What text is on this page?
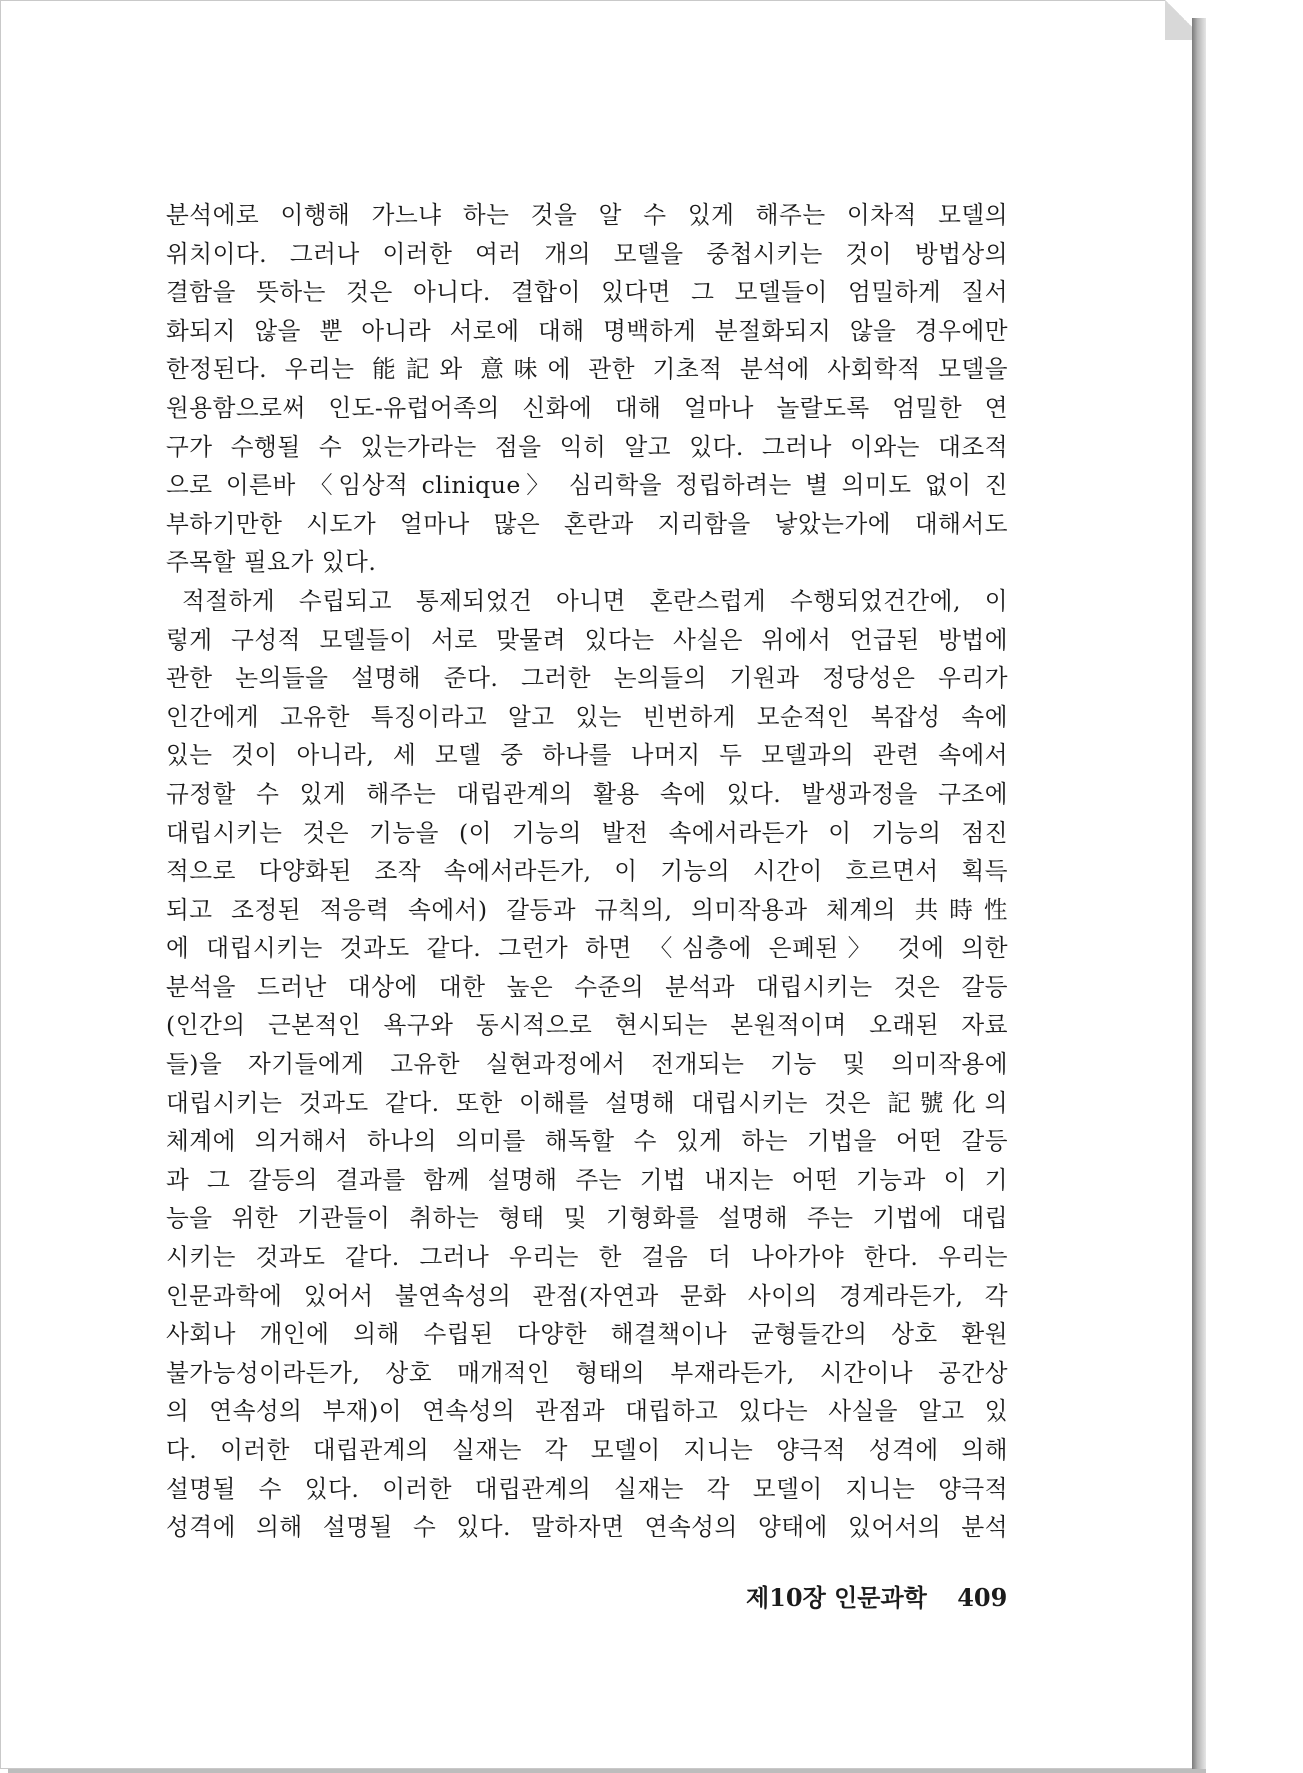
분석에로 이행해 가느냐 하는 것을 알 수 있게 해주는 이차적 모델의
위치이다. 그러나 이러한 여러 개의 모델을 중첩시키는 것이 방법상의
결함을 뜻하는 것은 아니다. 결합이 있다면 그 모델들이 엄밀하게 질서
화되지 않을 뿐 아니라 서로에 대해 명백하게 분절화되지 않을 경우에만
한정된다. 우리는 能記와 意味에 관한 기초적 분석에 사회학적 모델을
원용함으로써 인도-유럽어족의 신화에 대해 얼마나 놀랄도록 엄밀한 연
구가 수행될 수 있는가라는 점을 익히 알고 있다. 그러나 이와는 대조적
으로 이른바 〈임상적 clinique〉 심리학을 정립하려는 별 의미도 없이 진
부하기만한 시도가 얼마나 많은 혼란과 지리함을 낳았는가에 대해서도
주목할 필요가 있다.
적절하게 수립되고 통제되었건 아니면 혼란스럽게 수행되었건간에, 이
렇게 구성적 모델들이 서로 맞물려 있다는 사실은 위에서 언급된 방법에
관한 논의들을 설명해 준다. 그러한 논의들의 기원과 정당성은 우리가
인간에게 고유한 특징이라고 알고 있는 빈번하게 모순적인 복잡성 속에
있는 것이 아니라, 세 모델 중 하나를 나머지 두 모델과의 관련 속에서
규정할 수 있게 해주는 대립관계의 활용 속에 있다. 발생과정을 구조에
대립시키는 것은 기능을 (이 기능의 발전 속에서라든가 이 기능의 점진
적으로 다양화된 조작 속에서라든가, 이 기능의 시간이 흐르면서 획득
되고 조정된 적응력 속에서) 갈등과 규칙의, 의미작용과 체계의 共時性
에 대립시키는 것과도 같다. 그런가 하면 〈심층에 은폐된〉 것에 의한
분석을 드러난 대상에 대한 높은 수준의 분석과 대립시키는 것은 갈등
(인간의 근본적인 욕구와 동시적으로 현시되는 본원적이며 오래된 자료
들)을 자기들에게 고유한 실현과정에서 전개되는 기능 및 의미작용에
대립시키는 것과도 같다. 또한 이해를 설명해 대립시키는 것은 記號化의
체계에 의거해서 하나의 의미를 해독할 수 있게 하는 기법을 어떤 갈등
과 그 갈등의 결과를 함께 설명해 주는 기법 내지는 어떤 기능과 이 기
능을 위한 기관들이 취하는 형태 및 기형화를 설명해 주는 기법에 대립
시키는 것과도 같다. 그러나 우리는 한 걸음 더 나아가야 한다. 우리는
인문과학에 있어서 불연속성의 관점(자연과 문화 사이의 경계라든가, 각
사회나 개인에 의해 수립된 다양한 해결책이나 균형들간의 상호 환원
불가능성이라든가, 상호 매개적인 형태의 부재라든가, 시간이나 공간상
의 연속성의 부재)이 연속성의 관점과 대립하고 있다는 사실을 알고 있
다. 이러한 대립관계의 실재는 각 모델이 지니는 양극적 성격에 의해
설명될 수 있다. 이러한 대립관계의 실재는 각 모델이 지니는 양극적
성격에 의해 설명될 수 있다. 말하자면 연속성의 양태에 있어서의 분석
제10장 인문과학 409
